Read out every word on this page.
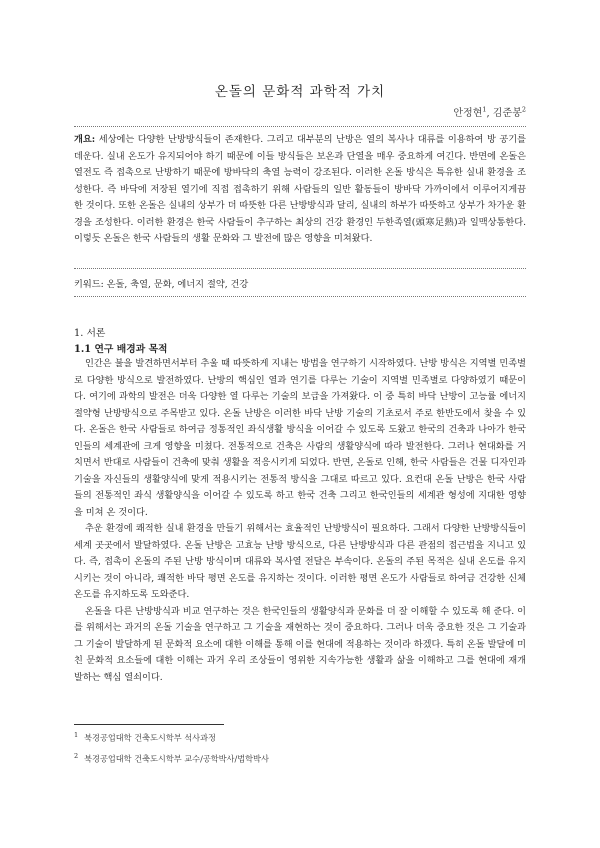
온돌의 문화적 과학적 가치
안정현$^1$, 김준봉$^2$
개요: 세상에는 다양한 난방방식들이 존재한다. 그리고 대부분의 난방은 열의 복사나 대류를 이용하여 방 공기를 데운다. 실내 온도가 유지되어야 하기 때문에 이들 방식들은 보온과 단열을 매우 중요하게 여긴다. 반면에 온돌은 열전도 즉 접촉으로 난방하기 때문에 방바닥의 축열 능력이 강조된다. 이러한 온돌 방식은 특유한 실내 환경을 조성한다. 즉 바닥에 저장된 열기에 직접 접촉하기 위해 사람들의 일반 활동들이 방바닥 가까이에서 이루어지게끔 한 것이다. 또한 온돌은 실내의 상부가 더 따뜻한 다른 난방방식과 달리, 실내의 하부가 따뜻하고 상부가 차가운 환경을 조성한다. 이러한 환경은 한국 사람들이 추구하는 최상의 건강 환경인 두한족열(頭寒足熱)과 일맥상통한다. 이렇듯 온돌은 한국 사람들의 생활 문화와 그 발전에 많은 영향을 미쳐왔다.
키워드: 온돌, 축열, 문화, 에너지 절약, 건강
1. 서론
1.1 연구 배경과 목적

인간은 불을 발견하면서부터 추울 때 따뜻하게 지내는 방법을 연구하기 시작하였다. 난방 방식은 지역별 민족별로 다양한 방식으로 발전하였다. 난방의 핵심인 열과 연기를 다루는 기술이 지역별 민족별로 다양하였기 때문이다. 여기에 과학의 발전은 더욱 다양한 열 다루는 기술의 보급을 가져왔다. 이 중 특히 바닥 난방이 고능률 에너지 절약형 난방방식으로 주목받고 있다. 온돌 난방은 이러한 바닥 난방 기술의 기초로서 주로 한반도에서 찾을 수 있다. 온돌은 한국 사람들로 하여금 정통적인 좌식생활 방식을 이어갈 수 있도록 도왔고 한국의 건축과 나아가 한국인들의 세계관에 크게 영향을 미쳤다. 전통적으로 건축은 사람의 생활양식에 따라 발전한다. 그러나 현대화를 거치면서 반대로 사람들이 건축에 맞춰 생활을 적응시키게 되었다. 반면, 온돌로 인해, 한국 사람들은 건물 디자인과 기술을 자신들의 생활양식에 맞게 적용시키는 전통적 방식을 그대로 따르고 있다. 요컨대 온돌 난방은 한국 사람들의 전통적인 좌식 생활양식을 이어갈 수 있도록 하고 한국 건축 그리고 한국인들의 세계관 형성에 지대한 영향을 미쳐 온 것이다.

추운 환경에 쾌적한 실내 환경을 만들기 위해서는 효율적인 난방방식이 필요하다. 그래서 다양한 난방방식들이 세계 곳곳에서 발달하였다. 온돌 난방은 고효능 난방 방식으로, 다른 난방방식과 다른 관점의 접근법을 지니고 있다. 즉, 접촉이 온돌의 주된 난방 방식이며 대류와 복사열 전달은 부속이다. 온돌의 주된 목적은 실내 온도를 유지시키는 것이 아니라, 쾌적한 바닥 평면 온도를 유지하는 것이다. 이러한 평면 온도가 사람들로 하여금 건강한 신체온도를 유지하도록 도와준다.

온돌을 다른 난방방식과 비교 연구하는 것은 한국인들의 생활양식과 문화를 더 잘 이해할 수 있도록 해 준다. 이를 위해서는 과거의 온돌 기술을 연구하고 그 기술을 재현하는 것이 중요하다. 그러나 더욱 중요한 것은 그 기술과 그 기술이 발달하게 된 문화적 요소에 대한 이해를 통해 이를 현대에 적용하는 것이라 하겠다. 특히 온돌 발달에 미친 문화적 요소들에 대한 이해는 과거 우리 조상들이 영위한 지속가능한 생활과 삶을 이해하고 그를 현대에 재개발하는 핵심 열쇠이다.

$^1$ 북경공업대학 건축도시학부 석사과정
$^2$ 북경공업대학 건축도시학부 교수/공학박사/법학박사
